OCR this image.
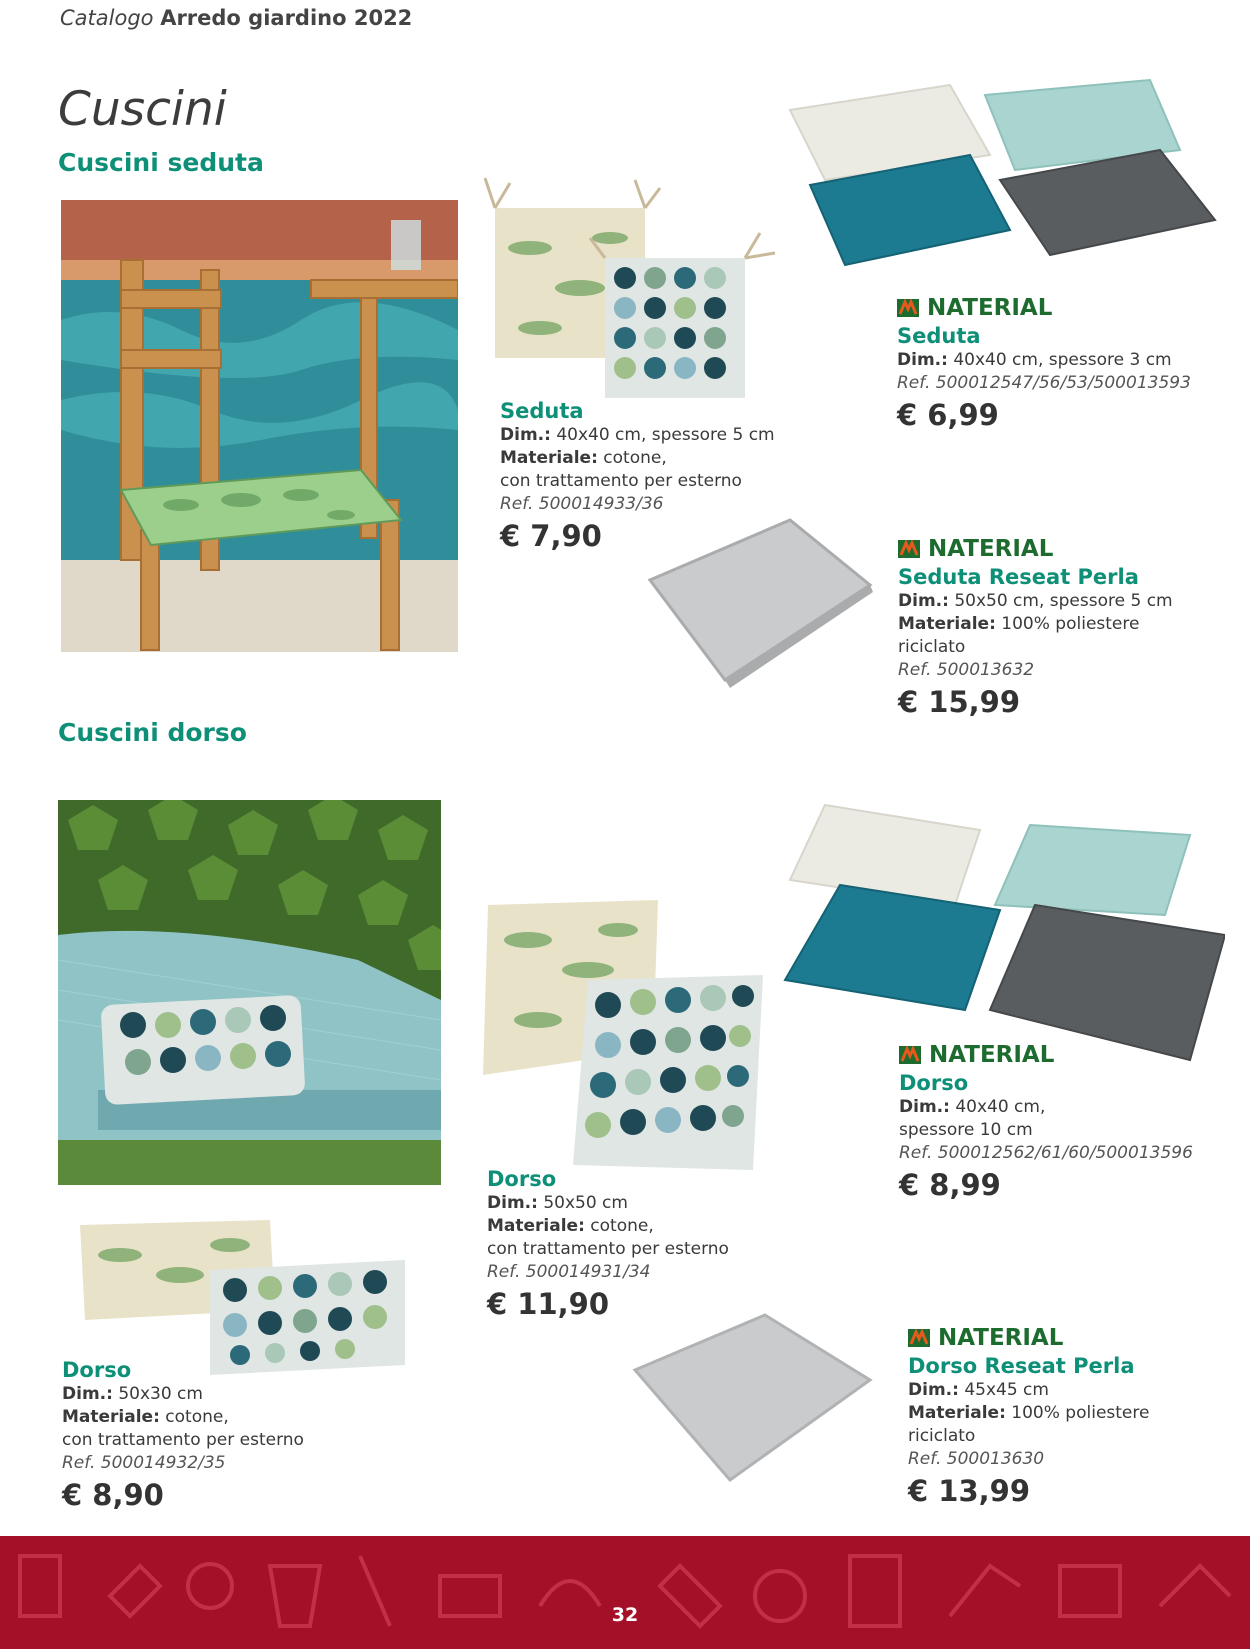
Catalogo Arredo giardino 2022
Cuscini
Cuscini seduta
Cuscini dorso
Seduta
Dim.: 40x40 cm, spessore 5 cm
Materiale: cotone,
con trattamento per esterno
Ref. 500014933/36
€ 7,90
NATERIAL
Seduta
Dim.: 40x40 cm, spessore 3 cm
Ref. 500012547/56/53/500013593
€ 6,99
NATERIAL
Seduta Reseat Perla
Dim.: 50x50 cm, spessore 5 cm
Materiale: 100% poliestere
riciclato
Ref. 500013632
€ 15,99
Dorso
Dim.: 50x50 cm
Materiale: cotone,
con trattamento per esterno
Ref. 500014931/34
€ 11,90
NATERIAL
Dorso
Dim.: 40x40 cm,
spessore 10 cm
Ref. 500012562/61/60/500013596
€ 8,99
Dorso
Dim.: 50x30 cm
Materiale: cotone,
con trattamento per esterno
Ref. 500014932/35
€ 8,90
NATERIAL
Dorso Reseat Perla
Dim.: 45x45 cm
Materiale: 100% poliestere
riciclato
Ref. 500013630
€ 13,99
32
